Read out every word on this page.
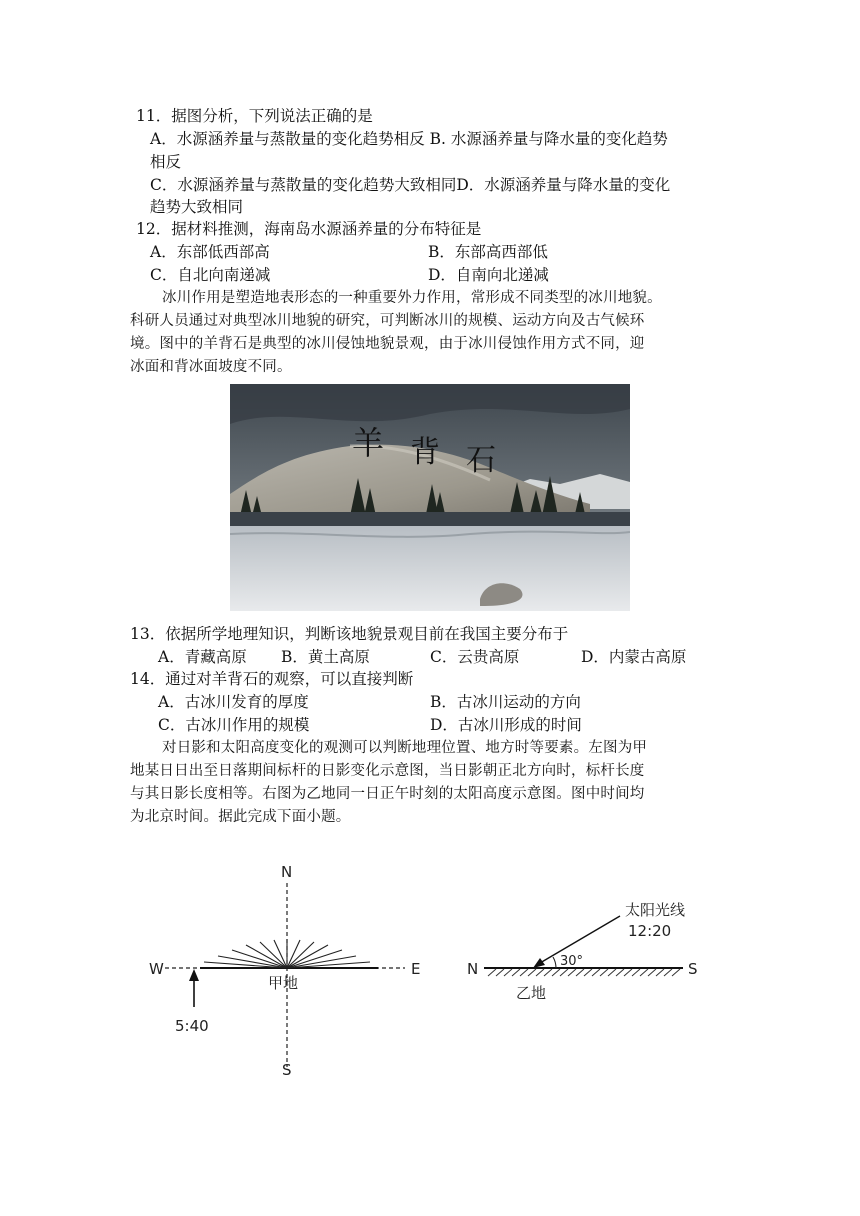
11．据图分析，下列说法正确的是
A．水源涵养量与蒸散量的变化趋势相反 B. 水源涵养量与降水量的变化趋势
相反
C．水源涵养量与蒸散量的变化趋势大致相同D．水源涵养量与降水量的变化
趋势大致相同
12．据材料推测，海南岛水源涵养量的分布特征是
A．东部低西部高	B．东部高西部低
C．自北向南递减	D．自南向北递减
冰川作用是塑造地表形态的一种重要外力作用，常形成不同类型的冰川地貌。
科研人员通过对典型冰川地貌的研究，可判断冰川的规模、运动方向及古气候环
境。图中的羊背石是典型的冰川侵蚀地貌景观，由于冰川侵蚀作用方式不同，迎
冰面和背冰面坡度不同。
羊 背 石
13．依据所学地理知识，判断该地貌景观目前在我国主要分布于
A．青藏高原 B．黄土高原	C．云贵高原	D．内蒙古高原
14．通过对羊背石的观察，可以直接判断
A．古冰川发育的厚度	B．古冰川运动的方向
C．古冰川作用的规模	D．古冰川形成的时间
对日影和太阳高度变化的观测可以判断地理位置、地方时等要素。左图为甲
地某日日出至日落期间标杆的日影变化示意图，当日影朝正北方向时，标杆长度
与其日影长度相等。右图为乙地同一日正午时刻的太阳高度示意图。图中时间均
为北京时间。据此完成下面小题。
N
S
W	E
甲地
5:40
N	S
太阳光线
12:20
30°
乙地
